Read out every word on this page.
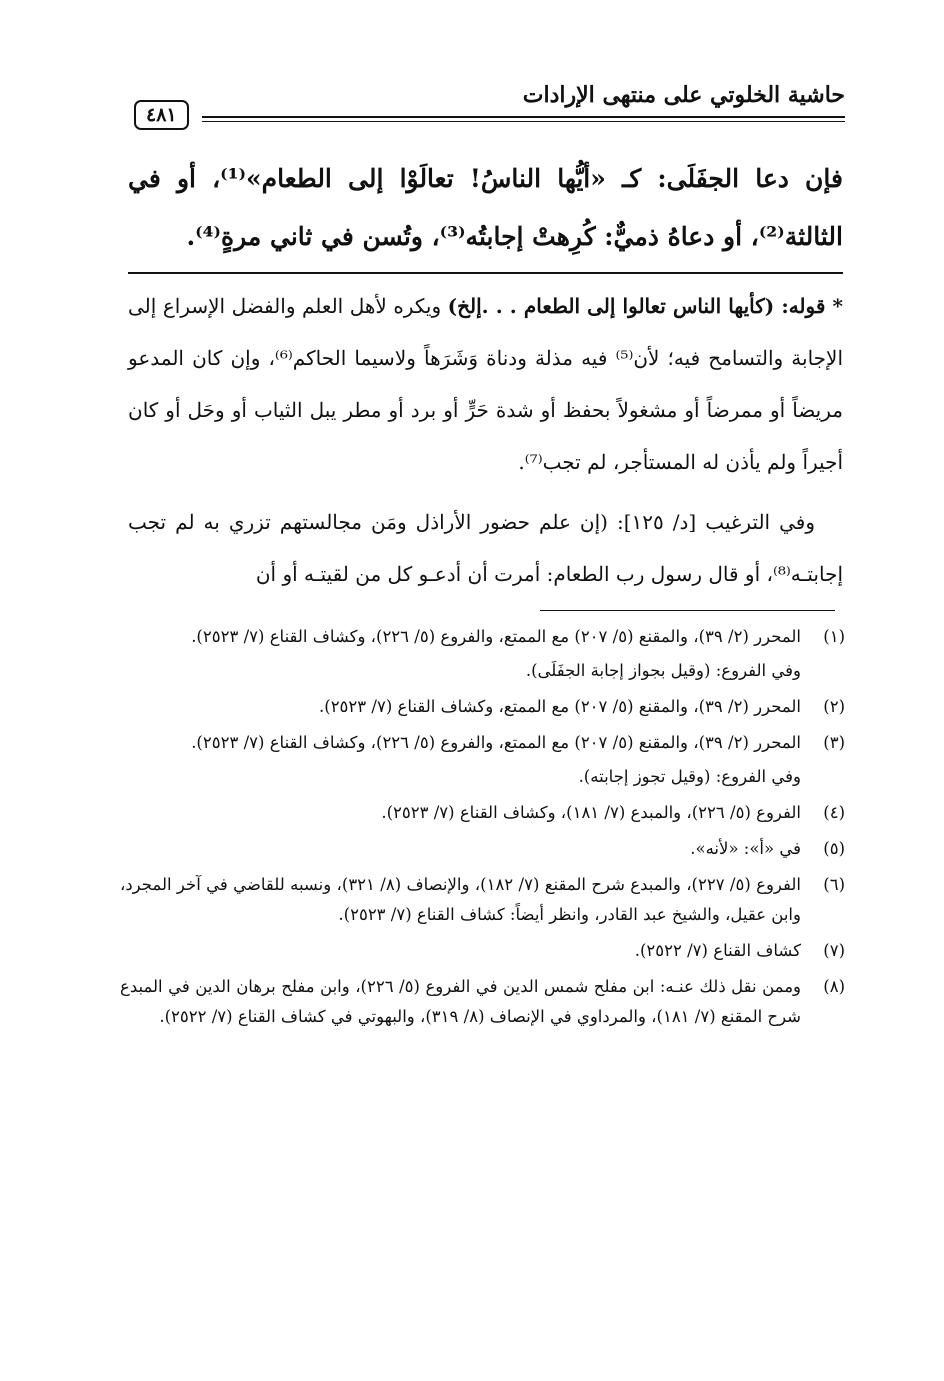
حاشية الخلوتي على منتهى الإرادات
٤٨١
فإن دعا الجفَلَى: كـ «أيُّها الناسُ! تعالَوْا إلى الطعام»⁽¹⁾، أو في الثالثة⁽²⁾، أو دعاهُ ذميٌّ: كُرِهتْ إجابتُه⁽³⁾، وتُسن في ثاني مرةٍ⁽⁴⁾.

* قوله: (كأيها الناس تعالوا إلى الطعام . . .إلخ) ويكره لأهل العلم والفضل الإسراع إلى الإجابة والتسامح فيه؛ لأن⁽⁵⁾ فيه مذلة ودناة وَشَرَهاً ولاسيما الحاكم⁽⁶⁾، وإن كان المدعو مريضاً أو ممرضاً أو مشغولاً بحفظ أو شدة حَرٍّ أو برد أو مطر يبل الثياب أو وحَل أو كان أجيراً ولم يأذن له المستأجر، لم تجب⁽⁷⁾.

وفي الترغيب [د/ ١٢٥]: (إن علم حضور الأراذل ومَن مجالستهم تزري به لم تجب إجابتـه⁽⁸⁾، أو قال رسول رب الطعام: أمرت أن أدعـو كل من لقيتـه أو أن

(١)
المحرر (٢/ ٣٩)، والمقنع (٥/ ٢٠٧) مع الممتع، والفروع (٥/ ٢٢٦)، وكشاف القناع (٧/ ٢٥٢٣).
وفي الفروع: (وقيل بجواز إجابة الجفَلَى).
(٢)
المحرر (٢/ ٣٩)، والمقنع (٥/ ٢٠٧) مع الممتع، وكشاف القناع (٧/ ٢٥٢٣).
(٣)
المحرر (٢/ ٣٩)، والمقنع (٥/ ٢٠٧) مع الممتع، والفروع (٥/ ٢٢٦)، وكشاف القناع (٧/ ٢٥٢٣).
وفي الفروع: (وقيل تجوز إجابته).
(٤)
الفروع (٥/ ٢٢٦)، والمبدع (٧/ ١٨١)، وكشاف القناع (٧/ ٢٥٢٣).
(٥)
في «أ»: «لأنه».
(٦)
الفروع (٥/ ٢٢٧)، والمبدع شرح المقنع (٧/ ١٨٢)، والإنصاف (٨/ ٣٢١)، ونسبه للقاضي في آخر المجرد، وابن عقيل، والشيخ عبد القادر، وانظر أيضاً: كشاف القناع (٧/ ٢٥٢٣).
(٧)
كشاف القناع (٧/ ٢٥٢٢).
(٨)
وممن نقل ذلك عنـه: ابن مفلح شمس الدين في الفروع (٥/ ٢٢٦)، وابن مفلح برهان الدين في المبدع شرح المقنع (٧/ ١٨١)، والمرداوي في الإنصاف (٨/ ٣١٩)، والبهوتي في كشاف القناع (٧/ ٢٥٢٢).
